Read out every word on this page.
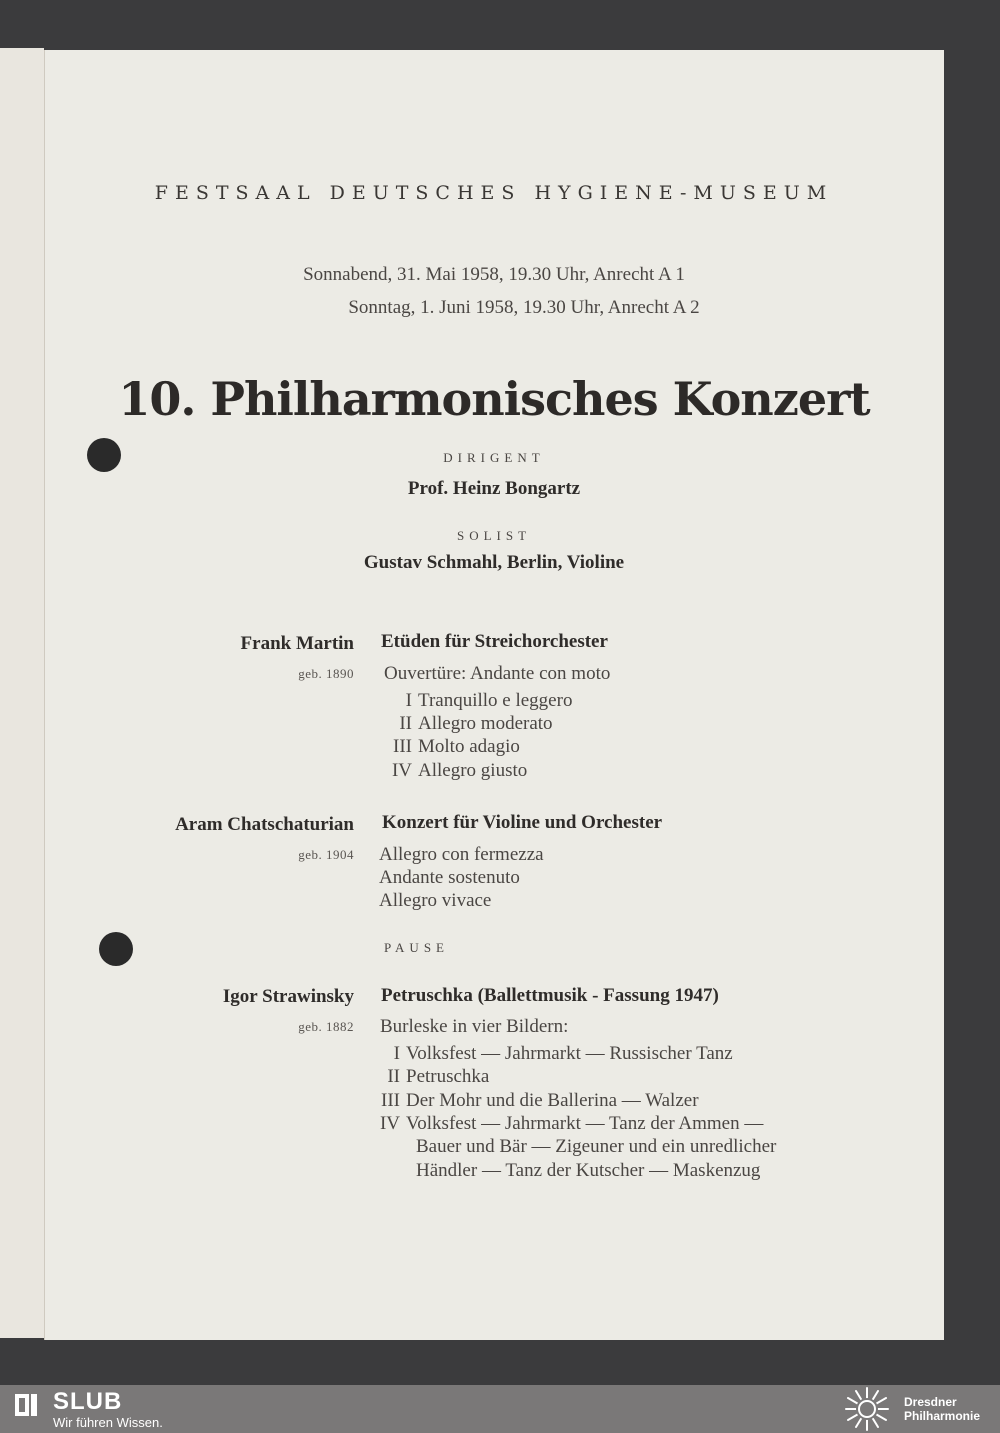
FESTSAAL DEUTSCHES HYGIENE-MUSEUM
Sonnabend, 31. Mai 1958, 19.30 Uhr, Anrecht A 1
Sonntag, 1. Juni 1958, 19.30 Uhr, Anrecht A 2
10. Philharmonisches Konzert
DIRIGENT
Prof. Heinz Bongartz
SOLIST
Gustav Schmahl, Berlin, Violine
Frank Martin
geb. 1890
Etüden für Streichorchester
Ouvertüre: Andante con moto
I Tranquillo e leggero
II Allegro moderato
III Molto adagio
IV Allegro giusto
Aram Chatschaturian
geb. 1904
Konzert für Violine und Orchester
Allegro con fermezza
Andante sostenuto
Allegro vivace
PAUSE
Igor Strawinsky
geb. 1882
Petruschka (Ballettmusik - Fassung 1947)
Burleske in vier Bildern:
I Volksfest — Jahrmarkt — Russischer Tanz
II Petruschka
III Der Mohr und die Ballerina — Walzer
IV Volksfest — Jahrmarkt — Tanz der Ammen —
Bauer und Bär — Zigeuner und ein unredlicher
Händler — Tanz der Kutscher — Maskenzug
SLUB
Wir führen Wissen.
Dresdner
Philharmonie
